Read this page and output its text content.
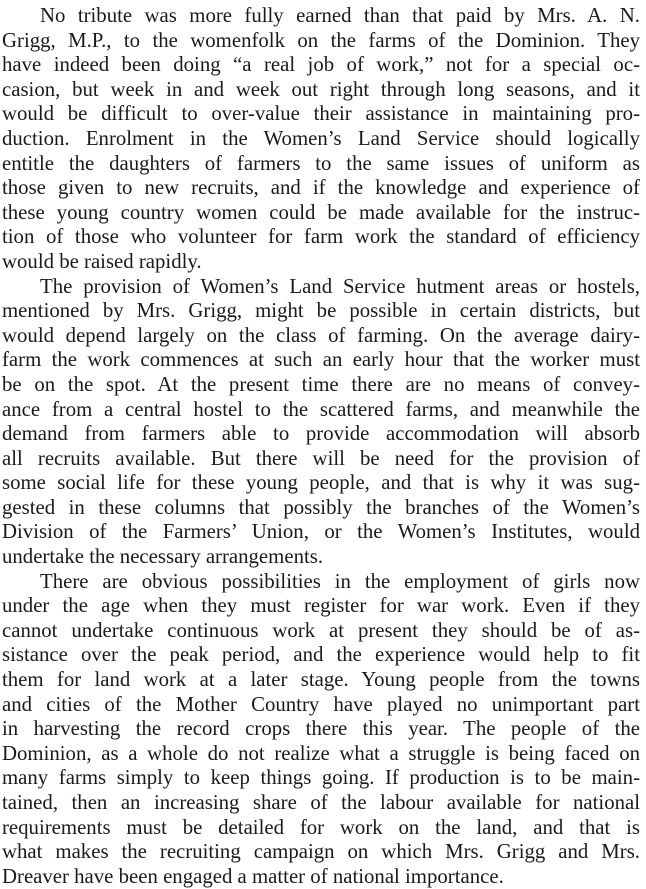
No tribute was more fully earned than that paid by Mrs. A. N.
Grigg, M.P., to the womenfolk on the farms of the Dominion. They
have indeed been doing “a real job of work,” not for a special oc-
casion, but week in and week out right through long seasons, and it
would be difficult to over-value their assistance in maintaining pro-
duction. Enrolment in the Women’s Land Service should logically
entitle the daughters of farmers to the same issues of uniform as
those given to new recruits, and if the knowledge and experience of
these young country women could be made available for the instruc-
tion of those who volunteer for farm work the standard of efficiency
would be raised rapidly.

The provision of Women’s Land Service hutment areas or hostels,
mentioned by Mrs. Grigg, might be possible in certain districts, but
would depend largely on the class of farming. On the average dairy-
farm the work commences at such an early hour that the worker must
be on the spot. At the present time there are no means of convey-
ance from a central hostel to the scattered farms, and meanwhile the
demand from farmers able to provide accommodation will absorb
all recruits available. But there will be need for the provision of
some social life for these young people, and that is why it was sug-
gested in these columns that possibly the branches of the Women’s
Division of the Farmers’ Union, or the Women’s Institutes, would
undertake the necessary arrangements.

There are obvious possibilities in the employment of girls now
under the age when they must register for war work. Even if they
cannot undertake continuous work at present they should be of as-
sistance over the peak period, and the experience would help to fit
them for land work at a later stage. Young people from the towns
and cities of the Mother Country have played no unimportant part
in harvesting the record crops there this year. The people of the
Dominion, as a whole do not realize what a struggle is being faced on
many farms simply to keep things going. If production is to be main-
tained, then an increasing share of the labour available for national
requirements must be detailed for work on the land, and that is
what makes the recruiting campaign on which Mrs. Grigg and Mrs.
Dreaver have been engaged a matter of national importance.
